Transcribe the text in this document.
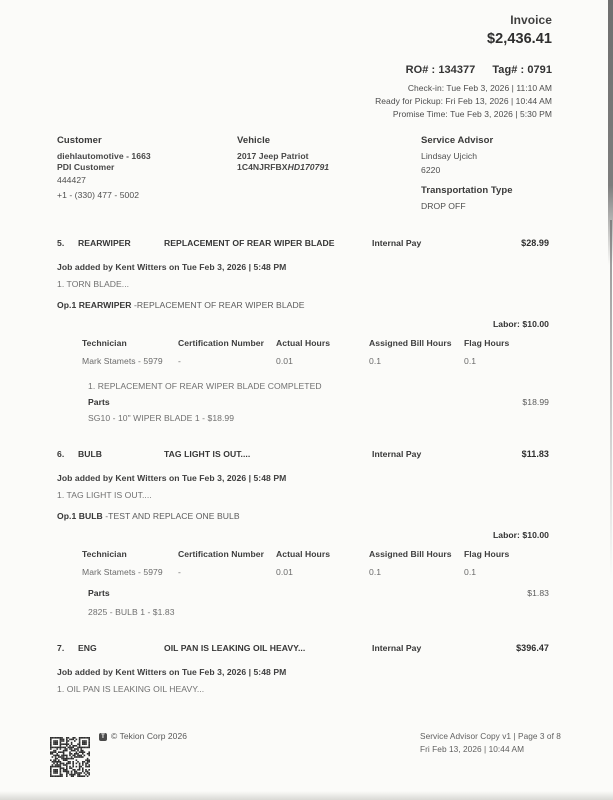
Invoice
$2,436.41
RO# : 134377 Tag# : 0791
Check-in: Tue Feb 3, 2026 | 11:10 AM
Ready for Pickup: Fri Feb 13, 2026 | 10:44 AM
Promise Time: Tue Feb 3, 2026 | 5:30 PM
Customer
diehlautomotive - 1663
PDI Customer
444427
+1 - (330) 477 - 5002
Vehicle
2017 Jeep Patriot
1C4NJRFBXHD170791
Service Advisor
Lindsay Ujcich
6220
Transportation Type
DROP OFF
5.	REARWIPER	REPLACEMENT OF REAR WIPER BLADE	Internal Pay	$28.99
Job added by Kent Witters on Tue Feb 3, 2026 | 5:48 PM
1. TORN BLADE...
Op.1 REARWIPER -REPLACEMENT OF REAR WIPER BLADE
Labor: $10.00
Technician	Certification Number	Actual Hours	Assigned Bill Hours	Flag Hours
Mark Stamets - 5979	-	0.01	0.1	0.1
1. REPLACEMENT OF REAR WIPER BLADE COMPLETED
Parts	$18.99
SG10 - 10" WIPER BLADE 1 - $18.99
6.	BULB	TAG LIGHT IS OUT....	Internal Pay	$11.83
Job added by Kent Witters on Tue Feb 3, 2026 | 5:48 PM
1. TAG LIGHT IS OUT....
Op.1 BULB -TEST AND REPLACE ONE BULB
Labor: $10.00
Technician	Certification Number	Actual Hours	Assigned Bill Hours	Flag Hours
Mark Stamets - 5979	-	0.01	0.1	0.1
Parts	$1.83
2825 - BULB 1 - $1.83
7.	ENG	OIL PAN IS LEAKING OIL HEAVY...	Internal Pay	$396.47
Job added by Kent Witters on Tue Feb 3, 2026 | 5:48 PM
1. OIL PAN IS LEAKING OIL HEAVY...
T © Tekion Corp 2026	Service Advisor Copy v1 | Page 3 of 8
Fri Feb 13, 2026 | 10:44 AM
